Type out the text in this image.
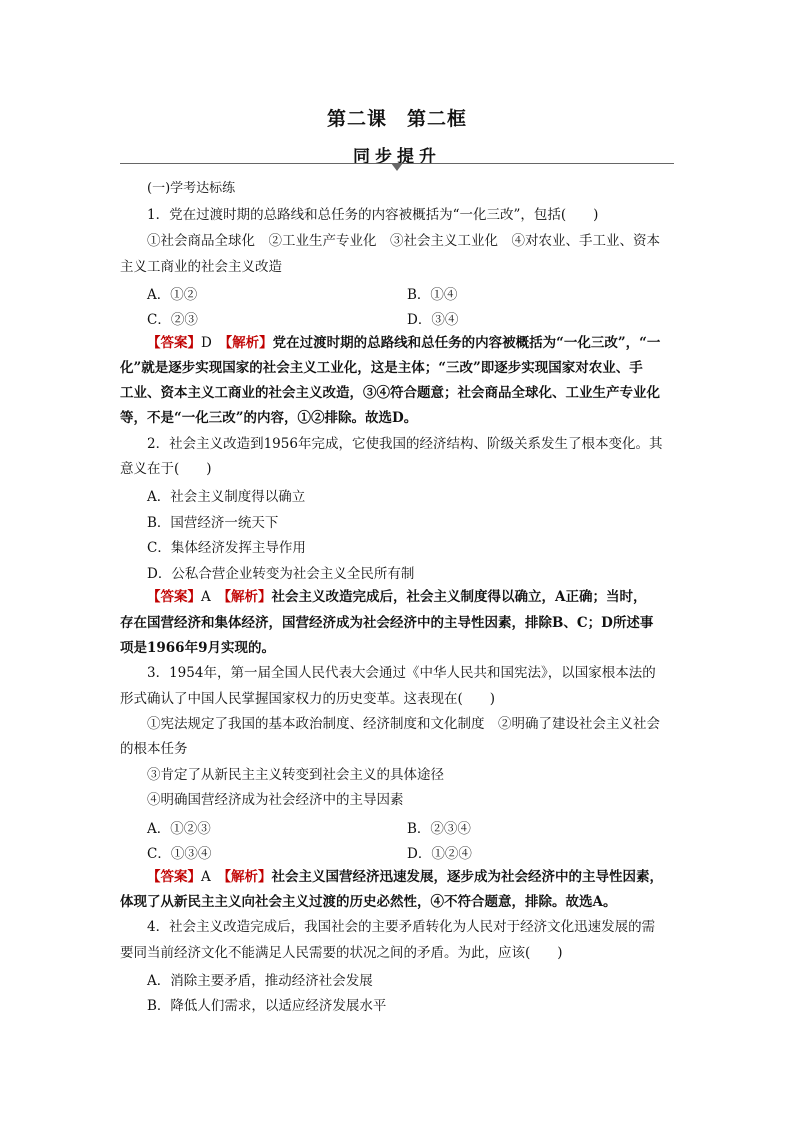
第二课　第二框
同步提升
(一)学考达标练
1．党在过渡时期的总路线和总任务的内容被概括为“一化三改”，包括(　　)
①社会商品全球化　②工业生产专业化　③社会主义工业化　④对农业、手工业、资本
主义工商业的社会主义改造
A．①②	B．①④
C．②③	D．③④
【答案】D　 【解析】党在过渡时期的总路线和总任务的内容被概括为“一化三改”，“一
化”就是逐步实现国家的社会主义工业化，这是主体；“三改”即逐步实现国家对农业、手
工业、资本主义工商业的社会主义改造，③④符合题意；社会商品全球化、工业生产专业化
等，不是“一化三改”的内容，①②排除。故选D。
2．社会主义改造到1956年完成，它使我国的经济结构、阶级关系发生了根本变化。其
意义在于(　　)
A．社会主义制度得以确立
B．国营经济一统天下
C．集体经济发挥主导作用
D．公私合营企业转变为社会主义全民所有制
【答案】A　 【解析】社会主义改造完成后，社会主义制度得以确立，A正确；当时，
存在国营经济和集体经济，国营经济成为社会经济中的主导性因素，排除B、C；D所述事
项是1966年9月实现的。
3．1954年，第一届全国人民代表大会通过《中华人民共和国宪法》，以国家根本法的
形式确认了中国人民掌握国家权力的历史变革。这表现在(　　)
①宪法规定了我国的基本政治制度、经济制度和文化制度　②明确了建设社会主义社会
的根本任务
③肯定了从新民主主义转变到社会主义的具体途径
④明确国营经济成为社会经济中的主导因素
A．①②③	B．②③④
C．①③④	D．①②④
【答案】A　 【解析】社会主义国营经济迅速发展，逐步成为社会经济中的主导性因素，
体现了从新民主主义向社会主义过渡的历史必然性，④不符合题意，排除。故选A。
4．社会主义改造完成后，我国社会的主要矛盾转化为人民对于经济文化迅速发展的需
要同当前经济文化不能满足人民需要的状况之间的矛盾。为此，应该(　　)
A．消除主要矛盾，推动经济社会发展
B．降低人们需求，以适应经济发展水平
